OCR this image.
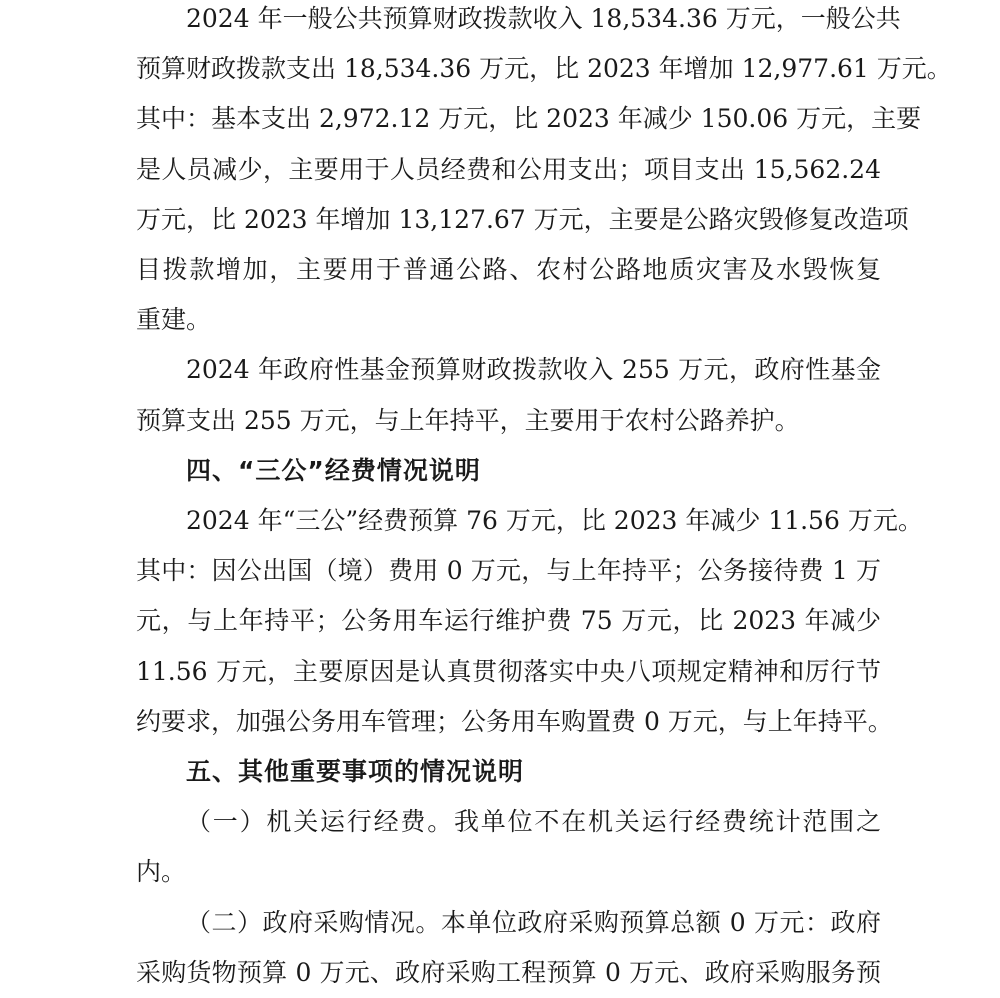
2024 年一般公共预算财政拨款收入 18,534.36 万元，一般公共
预算财政拨款支出 18,534.36 万元，比 2023 年增加 12,977.61 万元。
其中：基本支出 2,972.12 万元，比 2023 年减少 150.06 万元，主要
是人员减少，主要用于人员经费和公用支出；项目支出 15,562.24
万元，比 2023 年增加 13,127.67 万元，主要是公路灾毁修复改造项
目拨款增加，主要用于普通公路、农村公路地质灾害及水毁恢复
重建。
2024 年政府性基金预算财政拨款收入 255 万元，政府性基金
预算支出 255 万元，与上年持平，主要用于农村公路养护。
四、“三公”经费情况说明
2024 年“三公”经费预算 76 万元，比 2023 年减少 11.56 万元。
其中：因公出国（境）费用 0 万元，与上年持平；公务接待费 1 万
元，与上年持平；公务用车运行维护费 75 万元，比 2023 年减少
11.56 万元，主要原因是认真贯彻落实中央八项规定精神和厉行节
约要求，加强公务用车管理；公务用车购置费 0 万元，与上年持平。
五、其他重要事项的情况说明
（一）机关运行经费。我单位不在机关运行经费统计范围之
内。
（二）政府采购情况。本单位政府采购预算总额 0 万元：政府
采购货物预算 0 万元、政府采购工程预算 0 万元、政府采购服务预
